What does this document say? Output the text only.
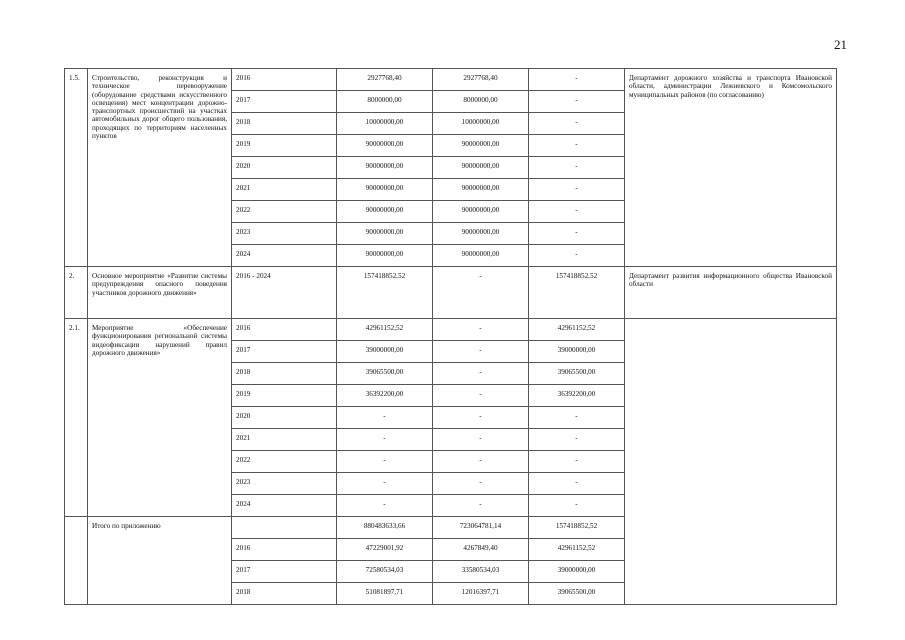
21
1.5.	Строительство, реконструкция и техническое перевооружение (оборудование средствами искусственного освещения) мест концентрации дорожно-транспортных происшествий на участках автомобильных дорог общего пользования, проходящих по территориям населенных пунктов	2016	2927768,40	2927768,40	-	Департамент дорожного хозяйства и транспорта Ивановской области, администрации Лежневского и Комсомольского муниципальных районов (по согласованию)

		2017	8000000,00	8000000,00	-	
		2018	10000000,00	10000000,00	-	
		2019	90000000,00	90000000,00	-	
		2020	90000000,00	90000000,00	-	
		2021	90000000,00	90000000,00	-	
		2022	90000000,00	90000000,00	-	
		2023	90000000,00	90000000,00	-	
		2024	90000000,00	90000000,00	-	

2.	Основное мероприятие «Развитие системы предупреждения опасного поведения участников дорожного движения»	2016 - 2024	157418852,52	-	157418852,52	Департамент развития информационного общества Ивановской области

2.1.	Мероприятие «Обеспечение функционирования региональной системы видеофиксации нарушений правил дорожного движения»	2016	42961152,52	-	42961152,52	
		2017	39000000,00	-	39000000,00	
		2018	39065500,00	-	39065500,00	
		2019	36392200,00	-	36392200,00	
		2020	-	-	-	
		2021	-	-	-	
		2022	-	-	-	
		2023	-	-	-	
		2024	-	-	-	

	Итого по приложению		880483633,66	723064781,14	157418852,52	
		2016	47229001,92	4267849,40	42961152,52	
		2017	72580534,03	33580534,03	39000000,00	
		2018	51081897,71	12016397,71	39065500,00	
